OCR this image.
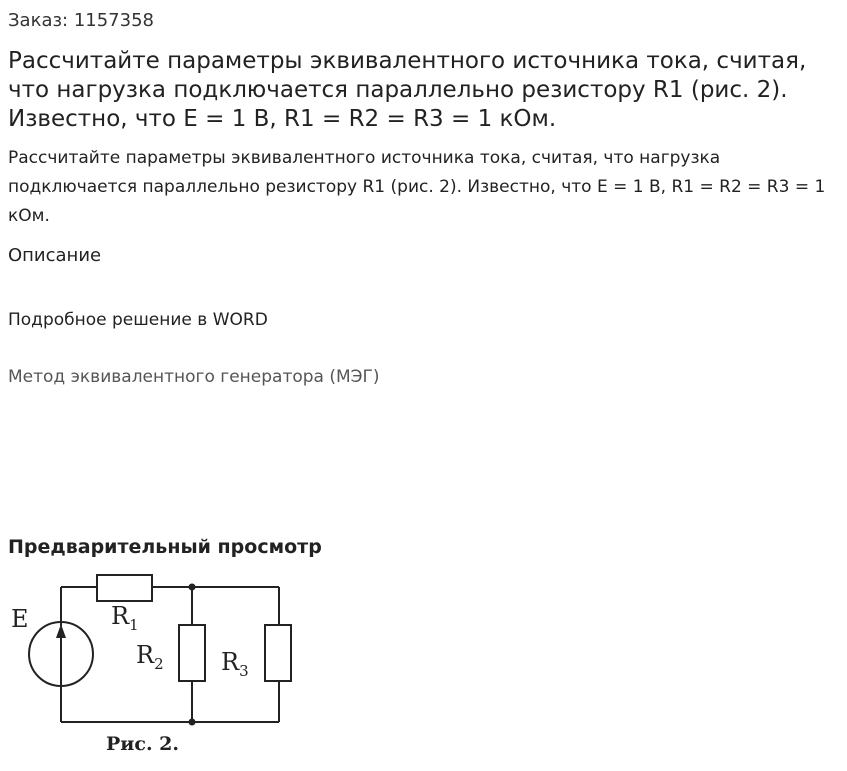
Заказ: 1157358
Рассчитайте параметры эквивалентного источника тока, считая, что нагрузка подключается параллельно резистору R1 (рис. 2). Известно, что E = 1 В, R1 = R2 = R3 = 1 кОм.

Рассчитайте параметры эквивалентного источника тока, считая, что нагрузка подключается параллельно резистору R1 (рис. 2). Известно, что E = 1 В, R1 = R2 = R3 = 1 кОм.

Описание
Подробное решение в WORD
Метод эквивалентного генератора (МЭГ)
Предварительный просмотр
E	$R_1$
$R_2$ $R_3$
Рис. 2.
